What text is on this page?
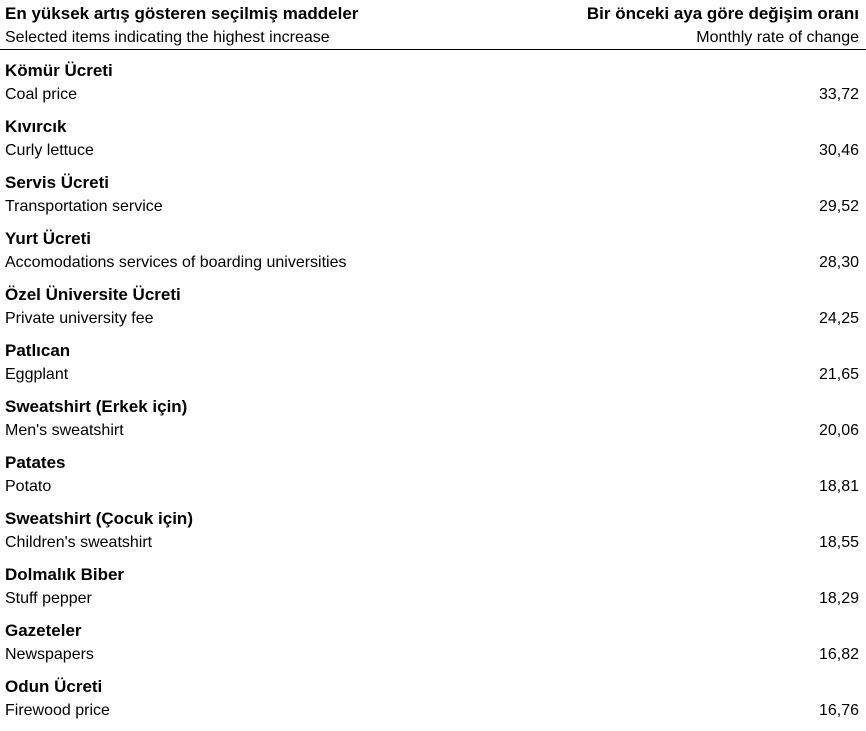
En yüksek artış gösteren seçilmiş maddeler
Selected items indicating the highest increase
Bir önceki aya göre değişim oranı
Monthly rate of change
Kömür Ücreti
Coal price	33,72
Kıvırcık
Curly lettuce	30,46
Servis Ücreti
Transportation service	29,52
Yurt Ücreti
Accomodations services of boarding universities	28,30
Özel Üniversite Ücreti
Private university fee	24,25
Patlıcan
Eggplant	21,65
Sweatshirt (Erkek için)
Men's sweatshirt	20,06
Patates
Potato	18,81
Sweatshirt (Çocuk için)
Children's sweatshirt	18,55
Dolmalık Biber
Stuff pepper	18,29
Gazeteler
Newspapers	16,82
Odun Ücreti
Firewood price	16,76
